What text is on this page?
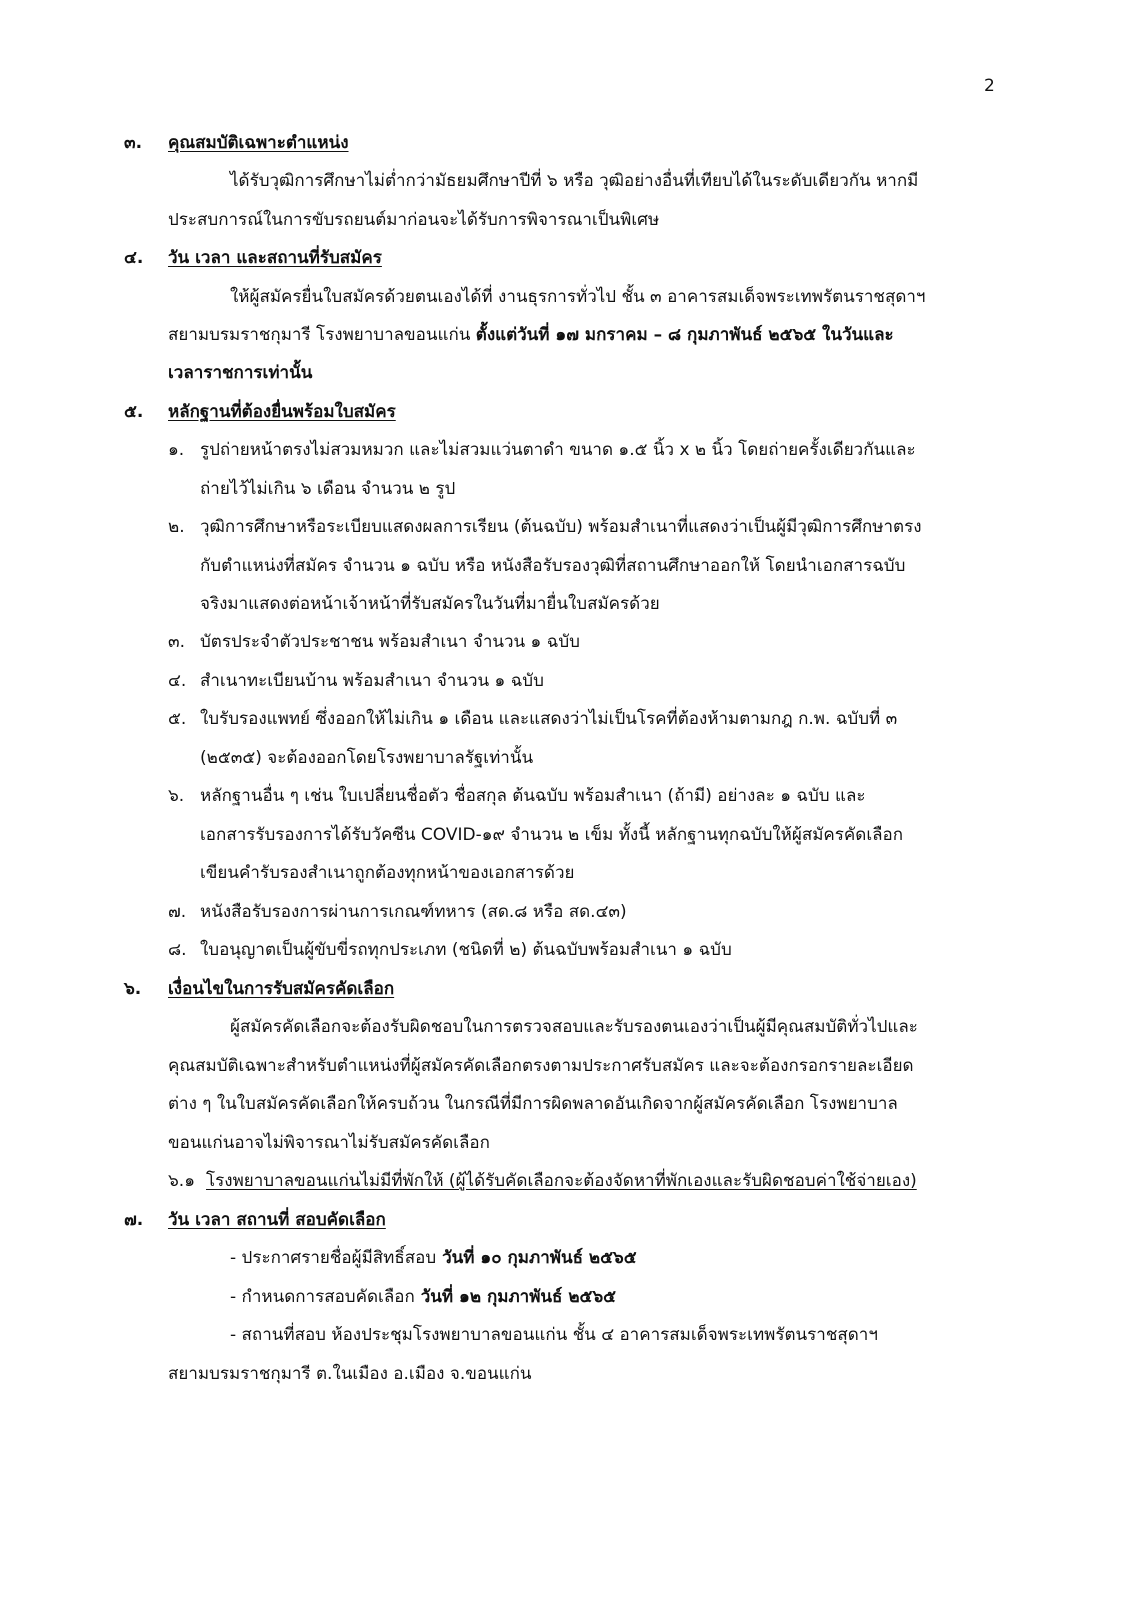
2
๓. คุณสมบัติเฉพาะตำแหน่ง
ได้รับวุฒิการศึกษาไม่ต่ำกว่ามัธยมศึกษาปีที่ ๖ หรือ วุฒิอย่างอื่นที่เทียบได้ในระดับเดียวกัน หากมี
ประสบการณ์ในการขับรถยนต์มาก่อนจะได้รับการพิจารณาเป็นพิเศษ
๔. วัน เวลา และสถานที่รับสมัคร
ให้ผู้สมัครยื่นใบสมัครด้วยตนเองได้ที่ งานธุรการทั่วไป ชั้น ๓ อาคารสมเด็จพระเทพรัตนราชสุดาฯ
สยามบรมราชกุมารี โรงพยาบาลขอนแก่น ตั้งแต่วันที่ ๑๗ มกราคม – ๘ กุมภาพันธ์ ๒๕๖๕ ในวันและ
เวลาราชการเท่านั้น
๕. หลักฐานที่ต้องยื่นพร้อมใบสมัคร
๑. รูปถ่ายหน้าตรงไม่สวมหมวก และไม่สวมแว่นตาดำ ขนาด ๑.๕ นิ้ว x ๒ นิ้ว โดยถ่ายครั้งเดียวกันและ
ถ่ายไว้ไม่เกิน ๖ เดือน จำนวน ๒ รูป
๒. วุฒิการศึกษาหรือระเบียบแสดงผลการเรียน (ต้นฉบับ) พร้อมสำเนาที่แสดงว่าเป็นผู้มีวุฒิการศึกษาตรง
กับตำแหน่งที่สมัคร จำนวน ๑ ฉบับ หรือ หนังสือรับรองวุฒิที่สถานศึกษาออกให้ โดยนำเอกสารฉบับ
จริงมาแสดงต่อหน้าเจ้าหน้าที่รับสมัครในวันที่มายื่นใบสมัครด้วย
๓. บัตรประจำตัวประชาชน พร้อมสำเนา จำนวน ๑ ฉบับ
๔. สำเนาทะเบียนบ้าน พร้อมสำเนา จำนวน ๑ ฉบับ
๕. ใบรับรองแพทย์ ซึ่งออกให้ไม่เกิน ๑ เดือน และแสดงว่าไม่เป็นโรคที่ต้องห้ามตามกฎ ก.พ. ฉบับที่ ๓
(๒๕๓๕) จะต้องออกโดยโรงพยาบาลรัฐเท่านั้น
๖. หลักฐานอื่น ๆ เช่น ใบเปลี่ยนชื่อตัว ชื่อสกุล ต้นฉบับ พร้อมสำเนา (ถ้ามี) อย่างละ ๑ ฉบับ และ
เอกสารรับรองการได้รับวัคซีน COVID-๑๙ จำนวน ๒ เข็ม ทั้งนี้ หลักฐานทุกฉบับให้ผู้สมัครคัดเลือก
เขียนคำรับรองสำเนาถูกต้องทุกหน้าของเอกสารด้วย
๗. หนังสือรับรองการผ่านการเกณฑ์ทหาร (สด.๘ หรือ สด.๔๓)
๘. ใบอนุญาตเป็นผู้ขับขี่รถทุกประเภท (ชนิดที่ ๒) ต้นฉบับพร้อมสำเนา ๑ ฉบับ
๖. เงื่อนไขในการรับสมัครคัดเลือก
ผู้สมัครคัดเลือกจะต้องรับผิดชอบในการตรวจสอบและรับรองตนเองว่าเป็นผู้มีคุณสมบัติทั่วไปและ
คุณสมบัติเฉพาะสำหรับตำแหน่งที่ผู้สมัครคัดเลือกตรงตามประกาศรับสมัคร และจะต้องกรอกรายละเอียด
ต่าง ๆ ในใบสมัครคัดเลือกให้ครบถ้วน ในกรณีที่มีการผิดพลาดอันเกิดจากผู้สมัครคัดเลือก โรงพยาบาล
ขอนแก่นอาจไม่พิจารณาไม่รับสมัครคัดเลือก
๖.๑ โรงพยาบาลขอนแก่นไม่มีที่พักให้ (ผู้ได้รับคัดเลือกจะต้องจัดหาที่พักเองและรับผิดชอบค่าใช้จ่ายเอง)
๗. วัน เวลา สถานที่ สอบคัดเลือก
- ประกาศรายชื่อผู้มีสิทธิ์สอบ วันที่ ๑๐ กุมภาพันธ์ ๒๕๖๕
- กำหนดการสอบคัดเลือก วันที่ ๑๒ กุมภาพันธ์ ๒๕๖๕
- สถานที่สอบ ห้องประชุมโรงพยาบาลขอนแก่น ชั้น ๔ อาคารสมเด็จพระเทพรัตนราชสุดาฯ
สยามบรมราชกุมารี ต.ในเมือง อ.เมือง จ.ขอนแก่น
